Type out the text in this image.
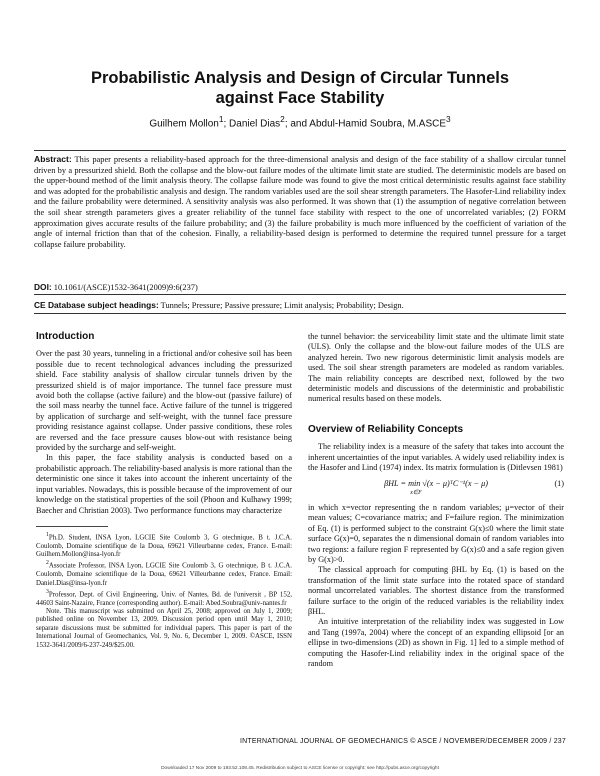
Probabilistic Analysis and Design of Circular Tunnels
against Face Stability
Guilhem Mollon$^1$; Daniel Dias$^2$; and Abdul-Hamid Soubra, M.ASCE$^3$
Abstract: This paper presents a reliability-based approach for the three-dimensional analysis and design of the face stability of a shallow circular tunnel driven by a pressurized shield. Both the collapse and the blow-out failure modes of the ultimate limit state are studied. The deterministic models are based on the upper-bound method of the limit analysis theory. The collapse failure mode was found to give the most critical deterministic results against face stability and was adopted for the probabilistic analysis and design. The random variables used are the soil shear strength parameters. The Hasofer-Lind reliability index and the failure probability were determined. A sensitivity analysis was also performed. It was shown that (1) the assumption of negative correlation between the soil shear strength parameters gives a greater reliability of the tunnel face stability with respect to the one of uncorrelated variables; (2) FORM approximation gives accurate results of the failure probability; and (3) the failure probability is much more influenced by the coefficient of variation of the angle of internal friction than that of the cohesion. Finally, a reliability-based design is performed to determine the required tunnel pressure for a target collapse failure probability.
DOI: 10.1061/(ASCE)1532-3641(2009)9:6(237)
CE Database subject headings: Tunnels; Pressure; Passive pressure; Limit analysis; Probability; Design.
Introduction

Over the past 30 years, tunneling in a frictional and/or cohesive soil has been possible due to recent technological advances including the pressurized shield. Face stability analysis of shallow circular tunnels driven by the pressurized shield is of major importance. The tunnel face pressure must avoid both the collapse (active failure) and the blow-out (passive failure) of the soil mass nearby the tunnel face. Active failure of the tunnel is triggered by application of surcharge and self-weight, with the tunnel face pressure providing resistance against collapse. Under passive conditions, these roles are reversed and the face pressure causes blow-out with resistance being provided by the surcharge and self-weight.

In this paper, the face stability analysis is conducted based on a probabilistic approach. The reliability-based analysis is more rational than the deterministic one since it takes into account the inherent uncertainty of the input variables. Nowadays, this is possible because of the improvement of our knowledge on the statistical properties of the soil (Phoon and Kulhawy 1999; Baecher and Christian 2003). Two performance functions may characterize

$^1$Ph.D. Student, INSA Lyon, LGCIE Site Coulomb 3, G otechnique, B t. J.C.A. Coulomb, Domaine scientifique de la Doua, 69621 Villeurbanne cedex, France. E-mail: Guilhem.Mollon@insa-lyon.fr

$^2$Associate Professor, INSA Lyon, LGCIE Site Coulomb 3, G otechnique, B t. J.C.A. Coulomb, Domaine scientifique de la Doua, 69621 Villeurbanne cedex, France. Email: Daniel.Dias@insa-lyon.fr

$^3$Professor, Dept. of Civil Engineering, Univ. of Nantes, Bd. de l'universit , BP 152, 44603 Saint-Nazaire, France (corresponding author). E-mail: Abed.Soubra@univ-nantes.fr

Note. This manuscript was submitted on April 25, 2008; approved on July 1, 2009; published online on November 13, 2009. Discussion period open until May 1, 2010; separate discussions must be submitted for individual papers. This paper is part of the International Journal of Geomechanics, Vol. 9, No. 6, December 1, 2009. ©ASCE, ISSN 1532-3641/2009/6-237-249/$25.00.

the tunnel behavior: the serviceability limit state and the ultimate limit state (ULS). Only the collapse and the blow-out failure modes of the ULS are analyzed herein. Two new rigorous deterministic limit analysis models are used. The soil shear strength parameters are modeled as random variables. The main reliability concepts are described next, followed by the two deterministic models and discussions of the deterministic and probabilistic numerical results based on these models.

Overview of Reliability Concepts

The reliability index is a measure of the safety that takes into account the inherent uncertainties of the input variables. A widely used reliability index is the Hasofer and Lind (1974) index. Its matrix formulation is (Ditlevsen 1981)

βHL = min √(x − μ)ᵀC⁻¹(x − μ)	(1)
x∈F

in which x=vector representing the n random variables; μ=vector of their mean values; C=covariance matrix; and F=failure region. The minimization of Eq. (1) is performed subject to the constraint G(x)≤0 where the limit state surface G(x)=0, separates the n dimensional domain of random variables into two regions: a failure region F represented by G(x)≤0 and a safe region given by G(x)>0.

The classical approach for computing βHL by Eq. (1) is based on the transformation of the limit state surface into the rotated space of standard normal uncorrelated variables. The shortest distance from the transformed failure surface to the origin of the reduced variables is the reliability index βHL.

An intuitive interpretation of the reliability index was suggested in Low and Tang (1997a, 2004) where the concept of an expanding ellipsoid [or an ellipse in two-dimensions (2D) as shown in Fig. 1] led to a simple method of computing the Hasofer-Lind reliability index in the original space of the random

INTERNATIONAL JOURNAL OF GEOMECHANICS © ASCE / NOVEMBER/DECEMBER 2009 / 237
Downloaded 17 Nov 2009 to 193.52.108.45. Redistribution subject to ASCE license or copyright; see http://pubs.asce.org/copyright
